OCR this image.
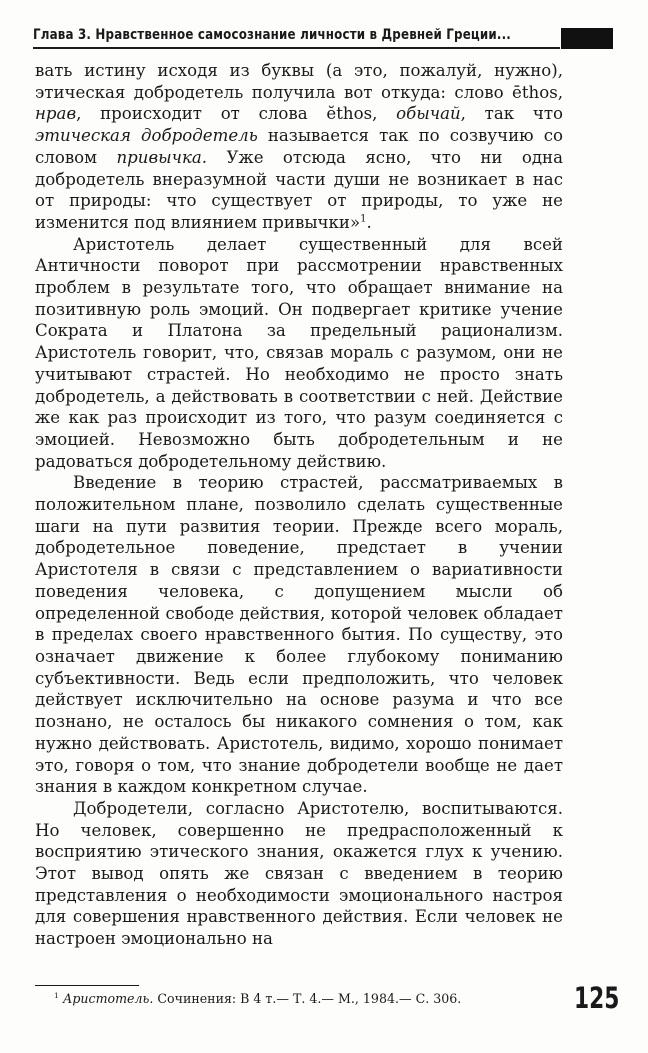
Глава 3. Нравственное самосознание личности в Древней Греции...

вать истину исходя из буквы (а это, пожалуй, нужно), этическая добродетель получила вот откуда: слово ēthos, нрав, происходит от слова ĕthos, обычай, так что этическая добродетель называется так по созвучию со словом привычка. Уже отсюда ясно, что ни одна добродетель внеразумной части души не возникает в нас от природы: что существует от природы, то уже не изменится под влиянием привычки»$^1$.

Аристотель делает существенный для всей Античности поворот при рассмотрении нравственных проблем в результате того, что обращает внимание на позитивную роль эмоций. Он подвергает критике учение Сократа и Платона за предельный рационализм. Аристотель говорит, что, связав мораль с разумом, они не учитывают страстей. Но необходимо не просто знать добродетель, а действовать в соответствии с ней. Действие же как раз происходит из того, что разум соединяется с эмоцией. Невозможно быть добродетельным и не радоваться добродетельному действию.

Введение в теорию страстей, рассматриваемых в положительном плане, позволило сделать существенные шаги на пути развития теории. Прежде всего мораль, добродетельное поведение, предстает в учении Аристотеля в связи с представлением о вариативности поведения человека, с допущением мысли об определенной свободе действия, которой человек обладает в пределах своего нравственного бытия. По существу, это означает движение к более глубокому пониманию субъективности. Ведь если предположить, что человек действует исключительно на основе разума и что все познано, не осталось бы никакого сомнения о том, как нужно действовать. Аристотель, видимо, хорошо понимает это, говоря о том, что знание добродетели вообще не дает знания в каждом конкретном случае.

Добродетели, согласно Аристотелю, воспитываются. Но человек, совершенно не предрасположенный к восприятию этического знания, окажется глух к учению. Этот вывод опять же связан с введением в теорию представления о необходимости эмоционального настроя для совершения нравственного действия. Если человек не настроен эмоционально на

$^1$ Аристотель. Сочинения: В 4 т.— Т. 4.— М., 1984.— С. 306.	125
